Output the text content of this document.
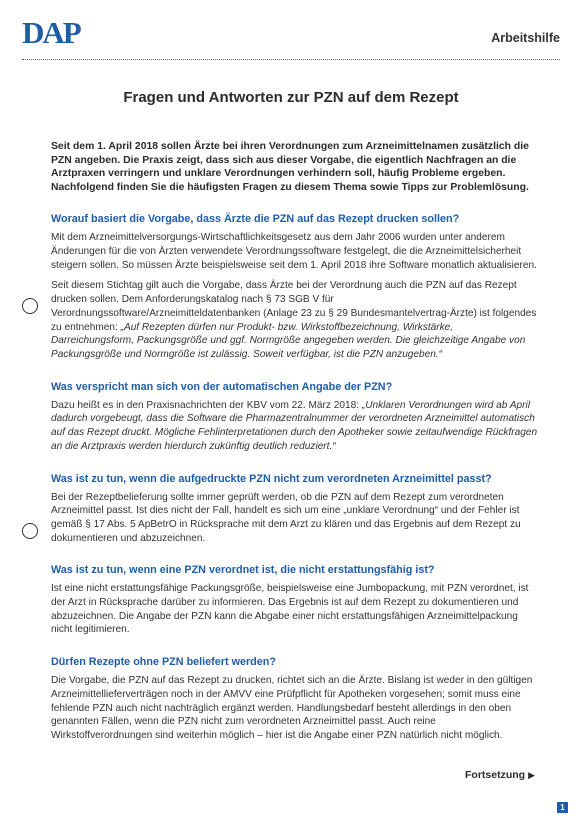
DAP	Arbeitshilfe
Fragen und Antworten zur PZN auf dem Rezept

Seit dem 1. April 2018 sollen Ärzte bei ihren Verordnungen zum Arzneimittelnamen zusätzlich die PZN angeben. Die Praxis zeigt, dass sich aus dieser Vorgabe, die eigentlich Nachfragen an die Arztpraxen verringern und unklare Verordnungen verhindern soll, häufig Probleme ergeben. Nachfolgend finden Sie die häufigsten Fragen zu diesem Thema sowie Tipps zur Problemlösung.

Worauf basiert die Vorgabe, dass Ärzte die PZN auf das Rezept drucken sollen?

Mit dem Arzneimittelversorgungs-Wirtschaftlichkeitsgesetz aus dem Jahr 2006 wurden unter anderem Änderungen für die von Ärzten verwendete Verordnungssoftware festgelegt, die die Arzneimittelsicherheit steigern sollen. So müssen Ärzte beispielsweise seit dem 1. April 2018 ihre Software monatlich aktualisieren.

Seit diesem Stichtag gilt auch die Vorgabe, dass Ärzte bei der Verordnung auch die PZN auf das Rezept drucken sollen. Dem Anforderungskatalog nach § 73 SGB V für Verordnungssoftware/Arzneimitteldatenbanken (Anlage 23 zu § 29 Bundesmantelvertrag-Ärzte) ist folgendes zu entnehmen: „Auf Rezepten dürfen nur Produkt- bzw. Wirkstoffbezeichnung, Wirkstärke, Darreichungsform, Packungsgröße und ggf. Normgröße angegeben werden. Die gleichzeitige Angabe von Packungsgröße und Normgröße ist zulässig. Soweit verfügbar, ist die PZN anzugeben.“

Was verspricht man sich von der automatischen Angabe der PZN?

Dazu heißt es in den Praxisnachrichten der KBV vom 22. März 2018: „Unklaren Verordnungen wird ab April dadurch vorgebeugt, dass die Software die Pharmazentralnummer der verordneten Arzneimittel automatisch auf das Rezept druckt. Mögliche Fehlinterpretationen durch den Apotheker sowie zeitaufwendige Rückfragen an die Arztpraxis werden hierdurch zukünftig deutlich reduziert.“

Was ist zu tun, wenn die aufgedruckte PZN nicht zum verordneten Arzneimittel passt?

Bei der Rezeptbelieferung sollte immer geprüft werden, ob die PZN auf dem Rezept zum verordneten Arzneimittel passt. Ist dies nicht der Fall, handelt es sich um eine „unklare Verordnung“ und der Fehler ist gemäß § 17 Abs. 5 ApBetrO in Rücksprache mit dem Arzt zu klären und das Ergebnis auf dem Rezept zu dokumentieren und abzuzeichnen.

Was ist zu tun, wenn eine PZN verordnet ist, die nicht erstattungsfähig ist?

Ist eine nicht erstattungsfähige Packungsgröße, beispielsweise eine Jumbopackung, mit PZN verordnet, ist der Arzt in Rücksprache darüber zu informieren. Das Ergebnis ist auf dem Rezept zu dokumentieren und abzuzeichnen. Die Angabe der PZN kann die Abgabe einer nicht erstattungsfähigen Arzneimittelpackung nicht legitimieren.

Dürfen Rezepte ohne PZN beliefert werden?

Die Vorgabe, die PZN auf das Rezept zu drucken, richtet sich an die Ärzte. Bislang ist weder in den gültigen Arzneimittellieferverträgen noch in der AMVV eine Prüfpflicht für Apotheken vorgesehen; somit muss eine fehlende PZN auch nicht nachträglich ergänzt werden. Handlungsbedarf besteht allerdings in den oben genannten Fällen, wenn die PZN nicht zum verordneten Arzneimittel passt. Auch reine Wirkstoffverordnungen sind weiterhin möglich – hier ist die Angabe einer PZN natürlich nicht möglich.

Fortsetzung ▶
1
